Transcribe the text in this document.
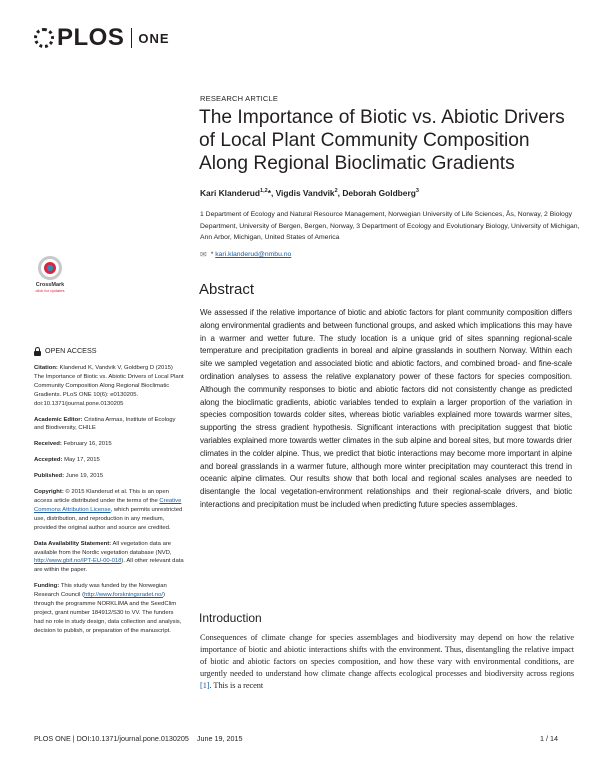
PLOS ONE
CrossMark
click for updates
RESEARCH ARTICLE
The Importance of Biotic vs. Abiotic Drivers of Local Plant Community Composition Along Regional Bioclimatic Gradients
Kari Klanderud$^{1,2}$*, Vigdis Vandvik$^2$, Deborah Goldberg$^3$
1 Department of Ecology and Natural Resource Management, Norwegian University of Life Sciences, Ås, Norway, 2 Biology Department, University of Bergen, Bergen, Norway, 3 Department of Ecology and Evolutionary Biology, University of Michigan, Ann Arbor, Michigan, United States of America
✉ *
kari.klanderud@nmbu.no
OPEN ACCESS
Citation: Klanderud K, Vandvik V, Goldberg D (2015) The Importance of Biotic vs. Abiotic Drivers of Local Plant Community Composition Along Regional Bioclimatic Gradients. PLoS ONE 10(6): e0130205. doi:10.1371/journal.pone.0130205
Academic Editor: Cristina Armas, Institute of Ecology and Biodiversity, CHILE
Received: February 16, 2015
Accepted: May 17, 2015
Published: June 19, 2015
Copyright: © 2015 Klanderud et al. This is an open access article distributed under the terms of the Creative Commons Attribution License, which permits unrestricted use, distribution, and reproduction in any medium, provided the original author and source are credited.
Data Availability Statement: All vegetation data are available from the Nordic vegetation database (NVD, http://www.gbif.no/IPT-EU-00-018). All other relevant data are within the paper.
Funding: This study was funded by the Norwegian Research Council (http://www.forskningsradet.no/) through the programme NORKLIMA and the SeedClim project, grant number 184912/S30 to VV. The funders had no role in study design, data collection and analysis, decision to publish, or preparation of the manuscript.
Abstract
We assessed if the relative importance of biotic and abiotic factors for plant community composition differs along environmental gradients and between functional groups, and asked which implications this may have in a warmer and wetter future. The study location is a unique grid of sites spanning regional-scale temperature and precipitation gradients in boreal and alpine grasslands in southern Norway. Within each site we sampled vegetation and associated biotic and abiotic factors, and combined broad- and fine-scale ordination analyses to assess the relative explanatory power of these factors for species composition. Although the community responses to biotic and abiotic factors did not consistently change as predicted along the bioclimatic gradients, abiotic variables tended to explain a larger proportion of the variation in species composition towards colder sites, whereas biotic variables explained more towards warmer sites, supporting the stress gradient hypothesis. Significant interactions with precipitation suggest that biotic variables explained more towards wetter climates in the sub alpine and boreal sites, but more towards drier climates in the colder alpine. Thus, we predict that biotic interactions may become more important in alpine and boreal grasslands in a warmer future, although more winter precipitation may counteract this trend in oceanic alpine climates. Our results show that both local and regional scales analyses are needed to disentangle the local vegetation-environment relationships and their regional-scale drivers, and biotic interactions and precipitation must be included when predicting future species assemblages.
Introduction
Consequences of climate change for species assemblages and biodiversity may depend on how the relative importance of biotic and abiotic interactions shifts with the environment. Thus, disentangling the relative impact of biotic and abiotic factors on species composition, and how these vary with environmental conditions, are urgently needed to understand how climate change affects ecological processes and biodiversity across regions [1]. This is a recent
PLOS ONE | DOI:10.1371/journal.pone.0130205    June 19, 2015	1 / 14
